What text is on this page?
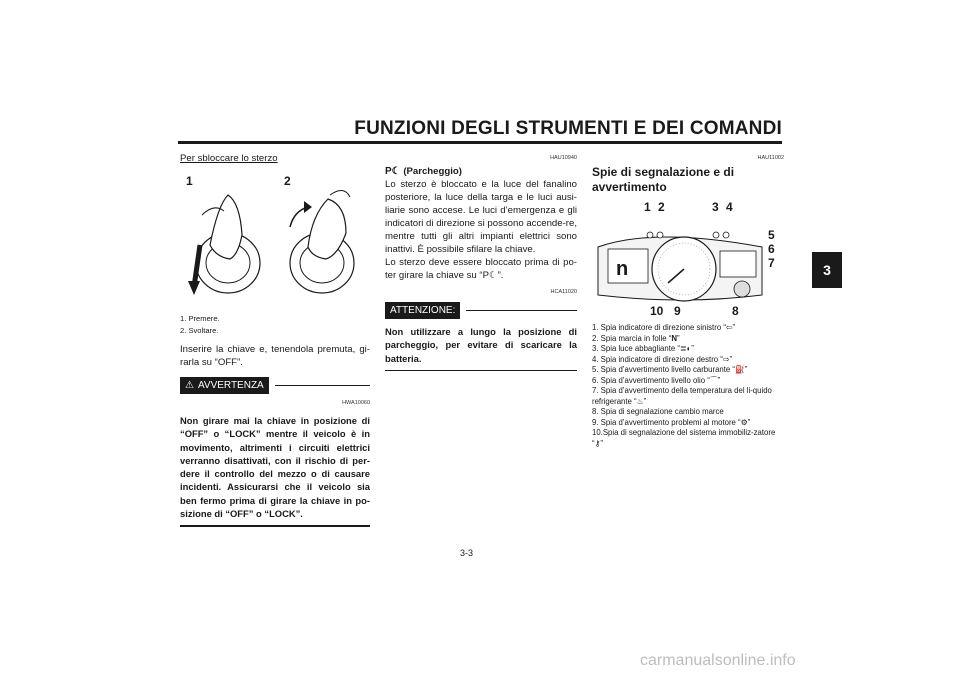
FUNZIONI DEGLI STRUMENTI E DEI COMANDI
3
Per sbloccare lo sterzo
1	2
1. Premere.
2. Svoltare.
Inserire la chiave e, tenendola premuta, gi-rarla su “OFF”.
⚠ AVVERTENZA
HWA10060
Non girare mai la chiave in posizione di “OFF” o “LOCK” mentre il veicolo è in movimento, altrimenti i circuiti elettrici verranno disattivati, con il rischio di per-dere il controllo del mezzo o di causare incidenti. Assicurarsi che il veicolo sia ben fermo prima di girare la chiave in po-sizione di “OFF” o “LOCK”.
HAU10940
P☾ (Parcheggio)
Lo sterzo è bloccato e la luce del fanalino posteriore, la luce della targa e le luci ausi-liarie sono accese. Le luci d’emergenza e gli indicatori di direzione si possono accende-re, mentre tutti gli altri impianti elettrici sono inattivi. È possibile sfilare la chiave.
Lo sterzo deve essere bloccato prima di po-ter girare la chiave su “P☾”.
HCA11020
ATTENZIONE:
Non utilizzare a lungo la posizione di parcheggio, per evitare di scaricare la batteria.
HAU11002
Spie di segnalazione e di avvertimento
1 2	3 4
5
6
7
10 9	8
n
1. Spia indicatore di direzione sinistro “⇦”
2. Spia marcia in folle “N”
3. Spia luce abbagliante “≣◐”
4. Spia indicatore di direzione destro “⇨”
5. Spia d’avvertimento livello carburante “⛽”
6. Spia d’avvertimento livello olio “⌒”
7. Spia d’avvertimento della temperatura del li-quido refrigerante “♨”
8. Spia di segnalazione cambio marce
9. Spia d’avvertimento problemi al motore “⚙”
10.Spia di segnalazione del sistema immobiliz-zatore “⚷”
3-3
carmanualsonline.info
